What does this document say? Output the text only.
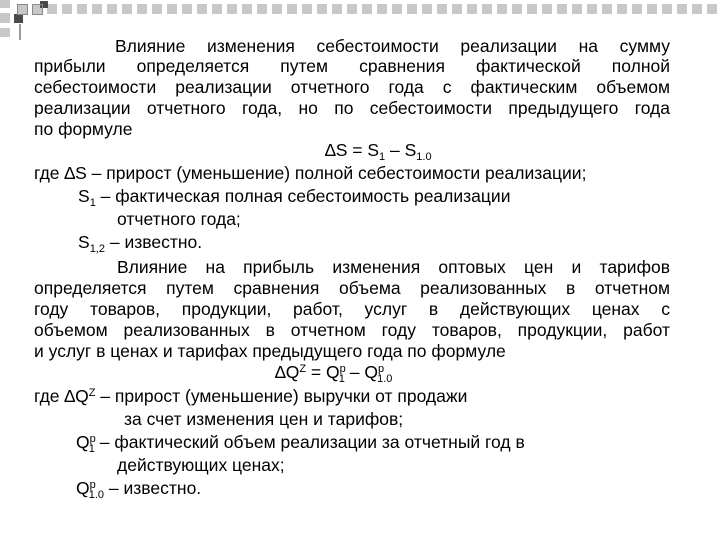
Влияние изменения себестоимости реализации на сумму
прибыли определяется путем сравнения фактической полной
себестоимости реализации отчетного года с фактическим объемом
реализации отчетного года, но по себестоимости предыдущего года
по формуле
$\Delta S = S_1 - S_{1.0}$
где ∆S – прирост (уменьшение) полной себестоимости реализации;
$S_1$ – фактическая полная себестоимость реализации
отчетного года;
$S_{1,2}$ – известно.
Влияние на прибыль изменения оптовых цен и тарифов
определяется путем сравнения объема реализованных в отчетном
году товаров, продукции, работ, услуг в действующих ценах с
объемом реализованных в отчетном году товаров, продукции, работ
и услуг в ценах и тарифах предыдущего года по формуле
$\Delta Q^Z = Q^p_1 - Q^p_{1.0}$
где $\Delta Q^Z$ – прирост (уменьшение) выручки от продажи
за счет изменения цен и тарифов;
$Q^p_1$ – фактический объем реализации за отчетный год в
действующих ценах;
$Q^p_{1.0}$ – известно.
